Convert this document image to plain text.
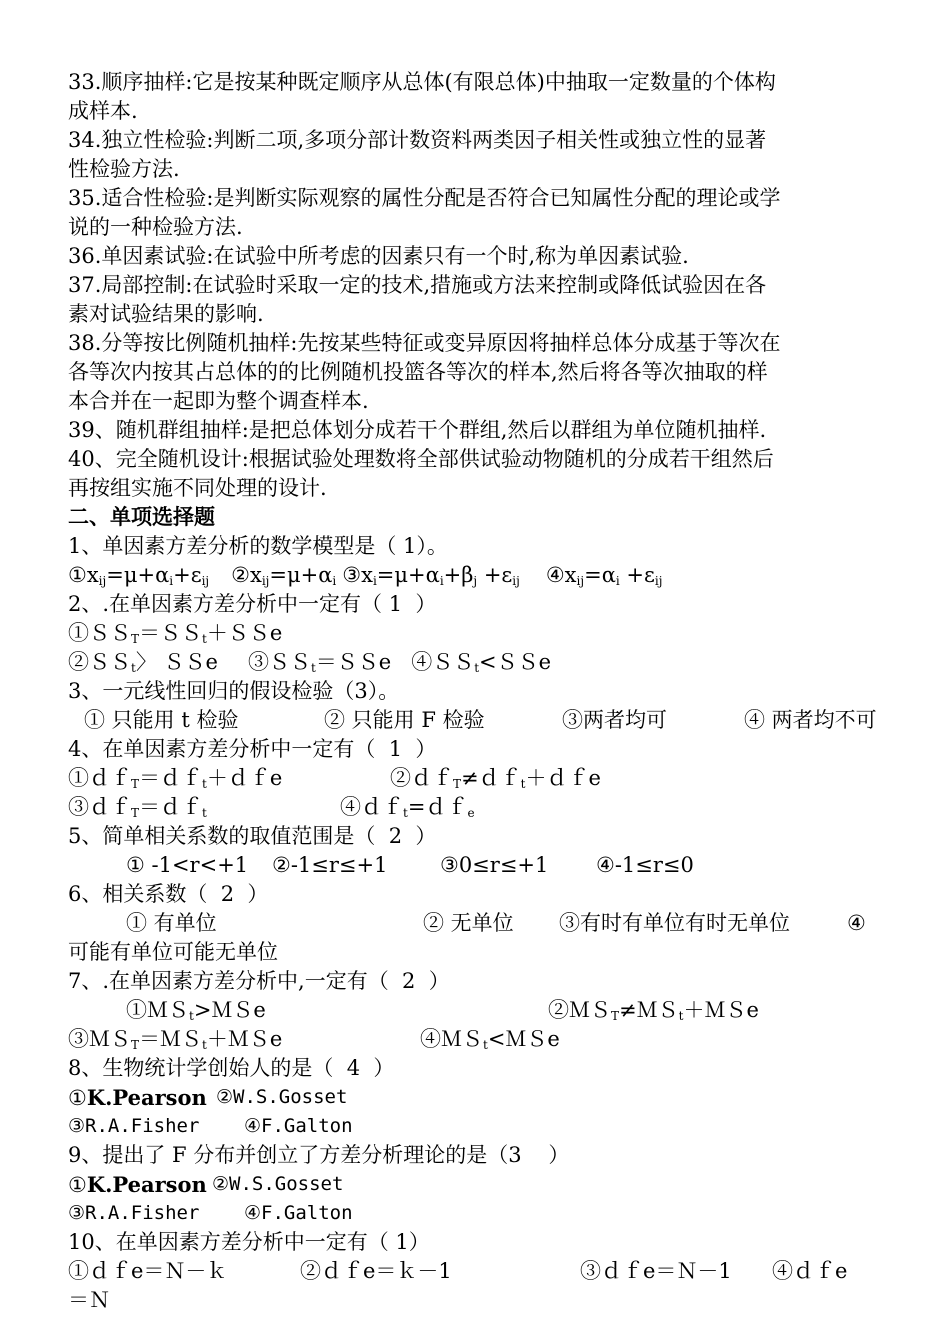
33.顺序抽样:它是按某种既定顺序从总体(有限总体)中抽取一定数量的个体构
成样本.
34.独立性检验:判断二项,多项分部计数资料两类因子相关性或独立性的显著
性检验方法.
35.适合性检验:是判断实际观察的属性分配是否符合已知属性分配的理论或学
说的一种检验方法.
36.单因素试验:在试验中所考虑的因素只有一个时,称为单因素试验.
37.局部控制:在试验时采取一定的技术,措施或方法来控制或降低试验因在各
素对试验结果的影响.
38.分等按比例随机抽样:先按某些特征或变异原因将抽样总体分成基于等次在
各等次内按其占总体的的比例随机投篮各等次的样本,然后将各等次抽取的样
本合并在一起即为整个调查样本.
39、随机群组抽样:是把总体划分成若干个群组,然后以群组为单位随机抽样.
40、完全随机设计:根据试验处理数将全部供试验动物随机的分成若干组然后
再按组实施不同处理的设计.
二、单项选择题
1、单因素方差分析的数学模型是（ 1）。
$①x_{ij}=\mu+\alpha_i+\varepsilon_{ij}$ $②x_{ij}=\mu+\alpha_i$ $③x_i=\mu+\alpha_i+\beta_j +\varepsilon_{ij}$ $④x_{ij}=\alpha_i +\varepsilon_{ij}$
2、.在单因素方差分析中一定有（ 1  ）
①ＳＳ$_T$＝ＳＳ$_t$＋ＳＳe
②ＳＳ$_t$〉 ＳＳe ③ＳＳ$_t$＝ＳＳe ④ＳＳ$_t$<ＳＳe
3、一元线性回归的假设检验（3）。
① 只能用 t 检验	② 只能用 F 检验	③两者均可	④ 两者均不可
4、在单因素方差分析中一定有（  1  ）
①ｄｆ$_T$＝ｄｆ$_t$＋ｄｆe	②ｄｆ$_T$≠ｄｆ$_t$＋ｄｆe
③ｄｆ$_T$＝ｄｆ$_t$	④ｄｆ$_t$=ｄｆ$_e$
5、简单相关系数的取值范围是（  2  ）
① -1<r<+1	②-1≤r≤+1	③0≤r≤+1	④-1≤r≤0
6、相关系数（  2  ）
① 有单位	② 无单位	③有时有单位有时无单位	④
可能有单位可能无单位
7、.在单因素方差分析中,一定有（  2  ）
①ＭＳ$_t$>ＭＳe	②ＭＳ$_T$≠ＭＳ$_t$＋ＭＳe
③ＭＳ$_T$＝ＭＳ$_t$＋ＭＳe	④ＭＳ$_t$<ＭＳe
8、生物统计学创始人的是（  4  ）
①K.Pearson ②W.S.Gosset
③R.A.Fisher	④F.Galton
9、提出了 F 分布并创立了方差分析理论的是（3    ）
①K.Pearson ②W.S.Gosset
③R.A.Fisher	④F.Galton
10、在单因素方差分析中一定有（ 1）
①ｄｆe＝Ｎ－ｋ	②ｄｆe＝ｋ－1	③ｄｆe＝Ｎ－1	④ｄｆe
＝Ｎ
